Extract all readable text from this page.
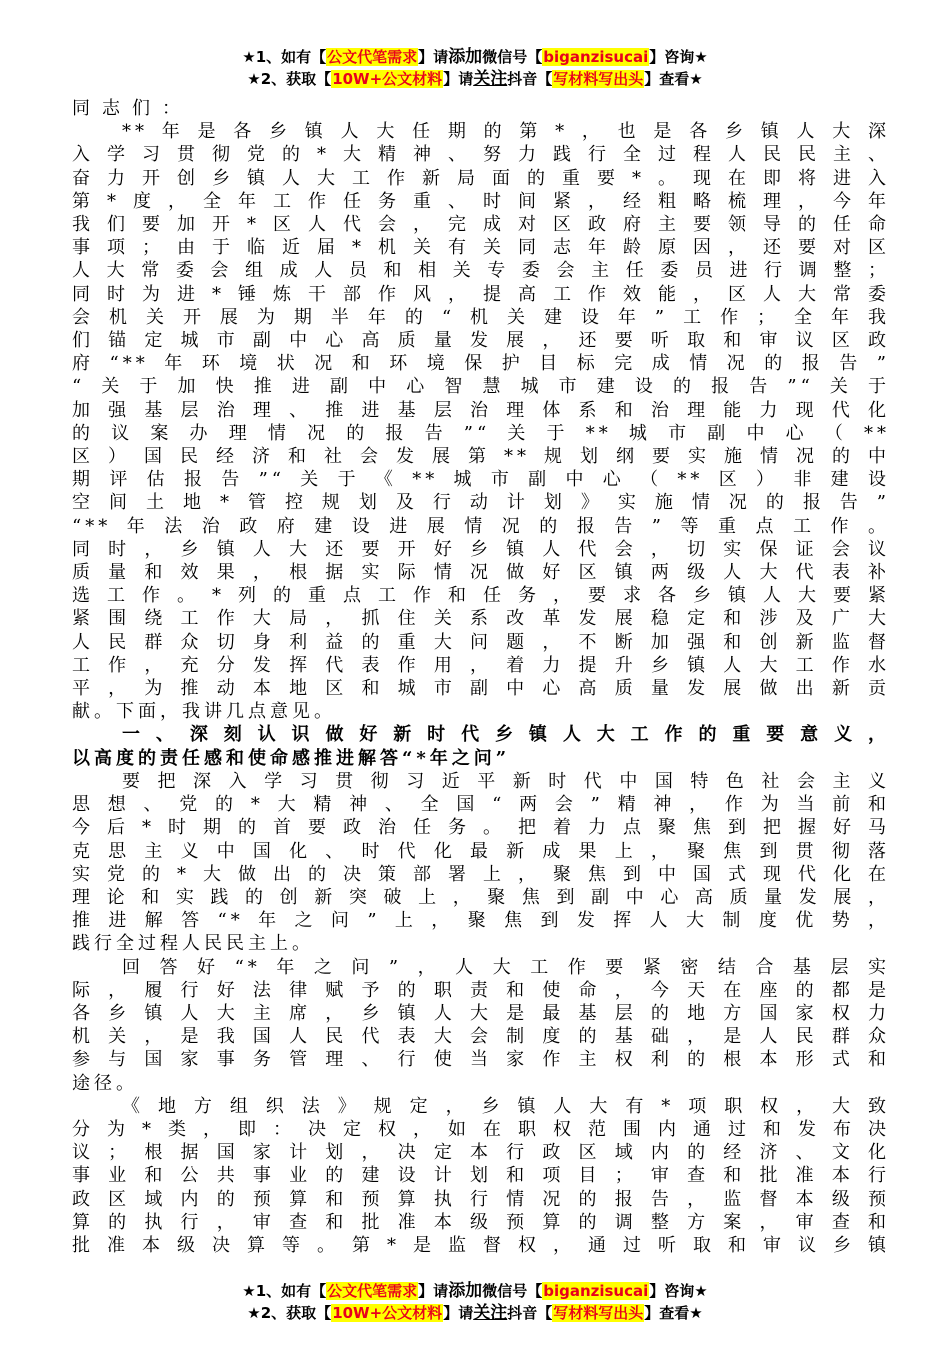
★1、如有【公文代笔需求】请添加微信号【biganzisucai】咨询★
★2、获取【10W+公文材料】请关注抖音【写材料写出头】查看★
同志们：
**年是各乡镇人大任期的第*，也是各乡镇人大深
入学习贯彻党的*大精神、努力践行全过程人民民主、
奋力开创乡镇人大工作新局面的重要*。现在即将进入
第*度，全年工作任务重、时间紧，经粗略梳理，今年
我们要加开*区人代会，完成对区政府主要领导的任命
事项；由于临近届*机关有关同志年龄原因，还要对区
人大常委会组成人员和相关专委会主任委员进行调整；
同时为进*锤炼干部作风，提高工作效能，区人大常委
会机关开展为期半年的“机关建设年”工作；全年我
们锚定城市副中心高质量发展，还要听取和审议区政
府“**年环境状况和环境保护目标完成情况的报告”
“关于加快推进副中心智慧城市建设的报告”“关于
加强基层治理、推进基层治理体系和治理能力现代化
的议案办理情况的报告”“关于**城市副中心（**
区）国民经济和社会发展第**规划纲要实施情况的中
期评估报告”“关于《**城市副中心（**区）非建设
空间土地*管控规划及行动计划》实施情况的报告”
“**年法治政府建设进展情况的报告”等重点工作。
同时，乡镇人大还要开好乡镇人代会，切实保证会议
质量和效果，根据实际情况做好区镇两级人大代表补
选工作。*列的重点工作和任务，要求各乡镇人大要紧
紧围绕工作大局，抓住关系改革发展稳定和涉及广大
人民群众切身利益的重大问题，不断加强和创新监督
工作，充分发挥代表作用，着力提升乡镇人大工作水
平，为推动本地区和城市副中心高质量发展做出新贡
献。下面，我讲几点意见。
一、深刻认识做好新时代乡镇人大工作的重要意义，
以高度的责任感和使命感推进解答“*年之问”
要把深入学习贯彻习近平新时代中国特色社会主义
思想、党的*大精神、全国“两会”精神，作为当前和
今后*时期的首要政治任务。把着力点聚焦到把握好马
克思主义中国化、时代化最新成果上，聚焦到贯彻落
实党的*大做出的决策部署上，聚焦到中国式现代化在
理论和实践的创新突破上，聚焦到副中心高质量发展，
推进解答“*年之问”上，聚焦到发挥人大制度优势，
践行全过程人民民主上。
回答好“*年之问”，人大工作要紧密结合基层实
际，履行好法律赋予的职责和使命，今天在座的都是
各乡镇人大主席，乡镇人大是最基层的地方国家权力
机关，是我国人民代表大会制度的基础，是人民群众
参与国家事务管理、行使当家作主权利的根本形式和
途径。
《地方组织法》规定，乡镇人大有*项职权，大致
分为*类，即：决定权，如在职权范围内通过和发布决
议；根据国家计划，决定本行政区域内的经济、文化
事业和公共事业的建设计划和项目；审查和批准本行
政区域内的预算和预算执行情况的报告，监督本级预
算的执行，审查和批准本级预算的调整方案，审查和
批准本级决算等。第*是监督权，通过听取和审议乡镇
★1、如有【公文代笔需求】请添加微信号【biganzisucai】咨询★
★2、获取【10W+公文材料】请关注抖音【写材料写出头】查看★
